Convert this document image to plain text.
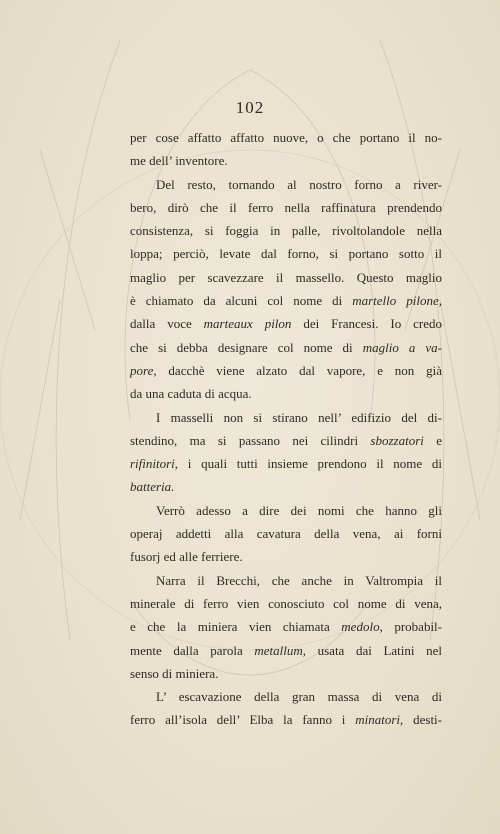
102
per cose affatto affatto nuove, o che portano il no-
me dell’ inventore.
Del resto, tornando al nostro forno a river-
bero, dirò che il ferro nella raffinatura prendendo
consistenza, si foggia in palle, rivoltolandole nella
loppa; perciò, levate dal forno, si portano sotto il
maglio per scavezzare il massello. Questo maglio
è chiamato da alcuni col nome di martello pilone,
dalla voce marteaux pilon dei Francesi. Io credo
che si debba designare col nome di maglio a va-
pore, dacchè viene alzato dal vapore, e non già
da una caduta di acqua.
I masselli non si stirano nell’ edifizio del di-
stendino, ma si passano nei cilindri sbozzatori e
rifinitori, i quali tutti insieme prendono il nome di
batteria.
Verrò adesso a dire dei nomi che hanno gli
operaj addetti alla cavatura della vena, ai forni
fusorj ed alle ferriere.
Narra il Brecchi, che anche in Valtrompia il
minerale di ferro vien conosciuto col nome di vena,
e che la miniera vien chiamata medolo, probabil-
mente dalla parola metallum, usata dai Latini nel
senso di miniera.
L’ escavazione della gran massa di vena di
ferro all’isola dell’ Elba la fanno i minatori, desti-
